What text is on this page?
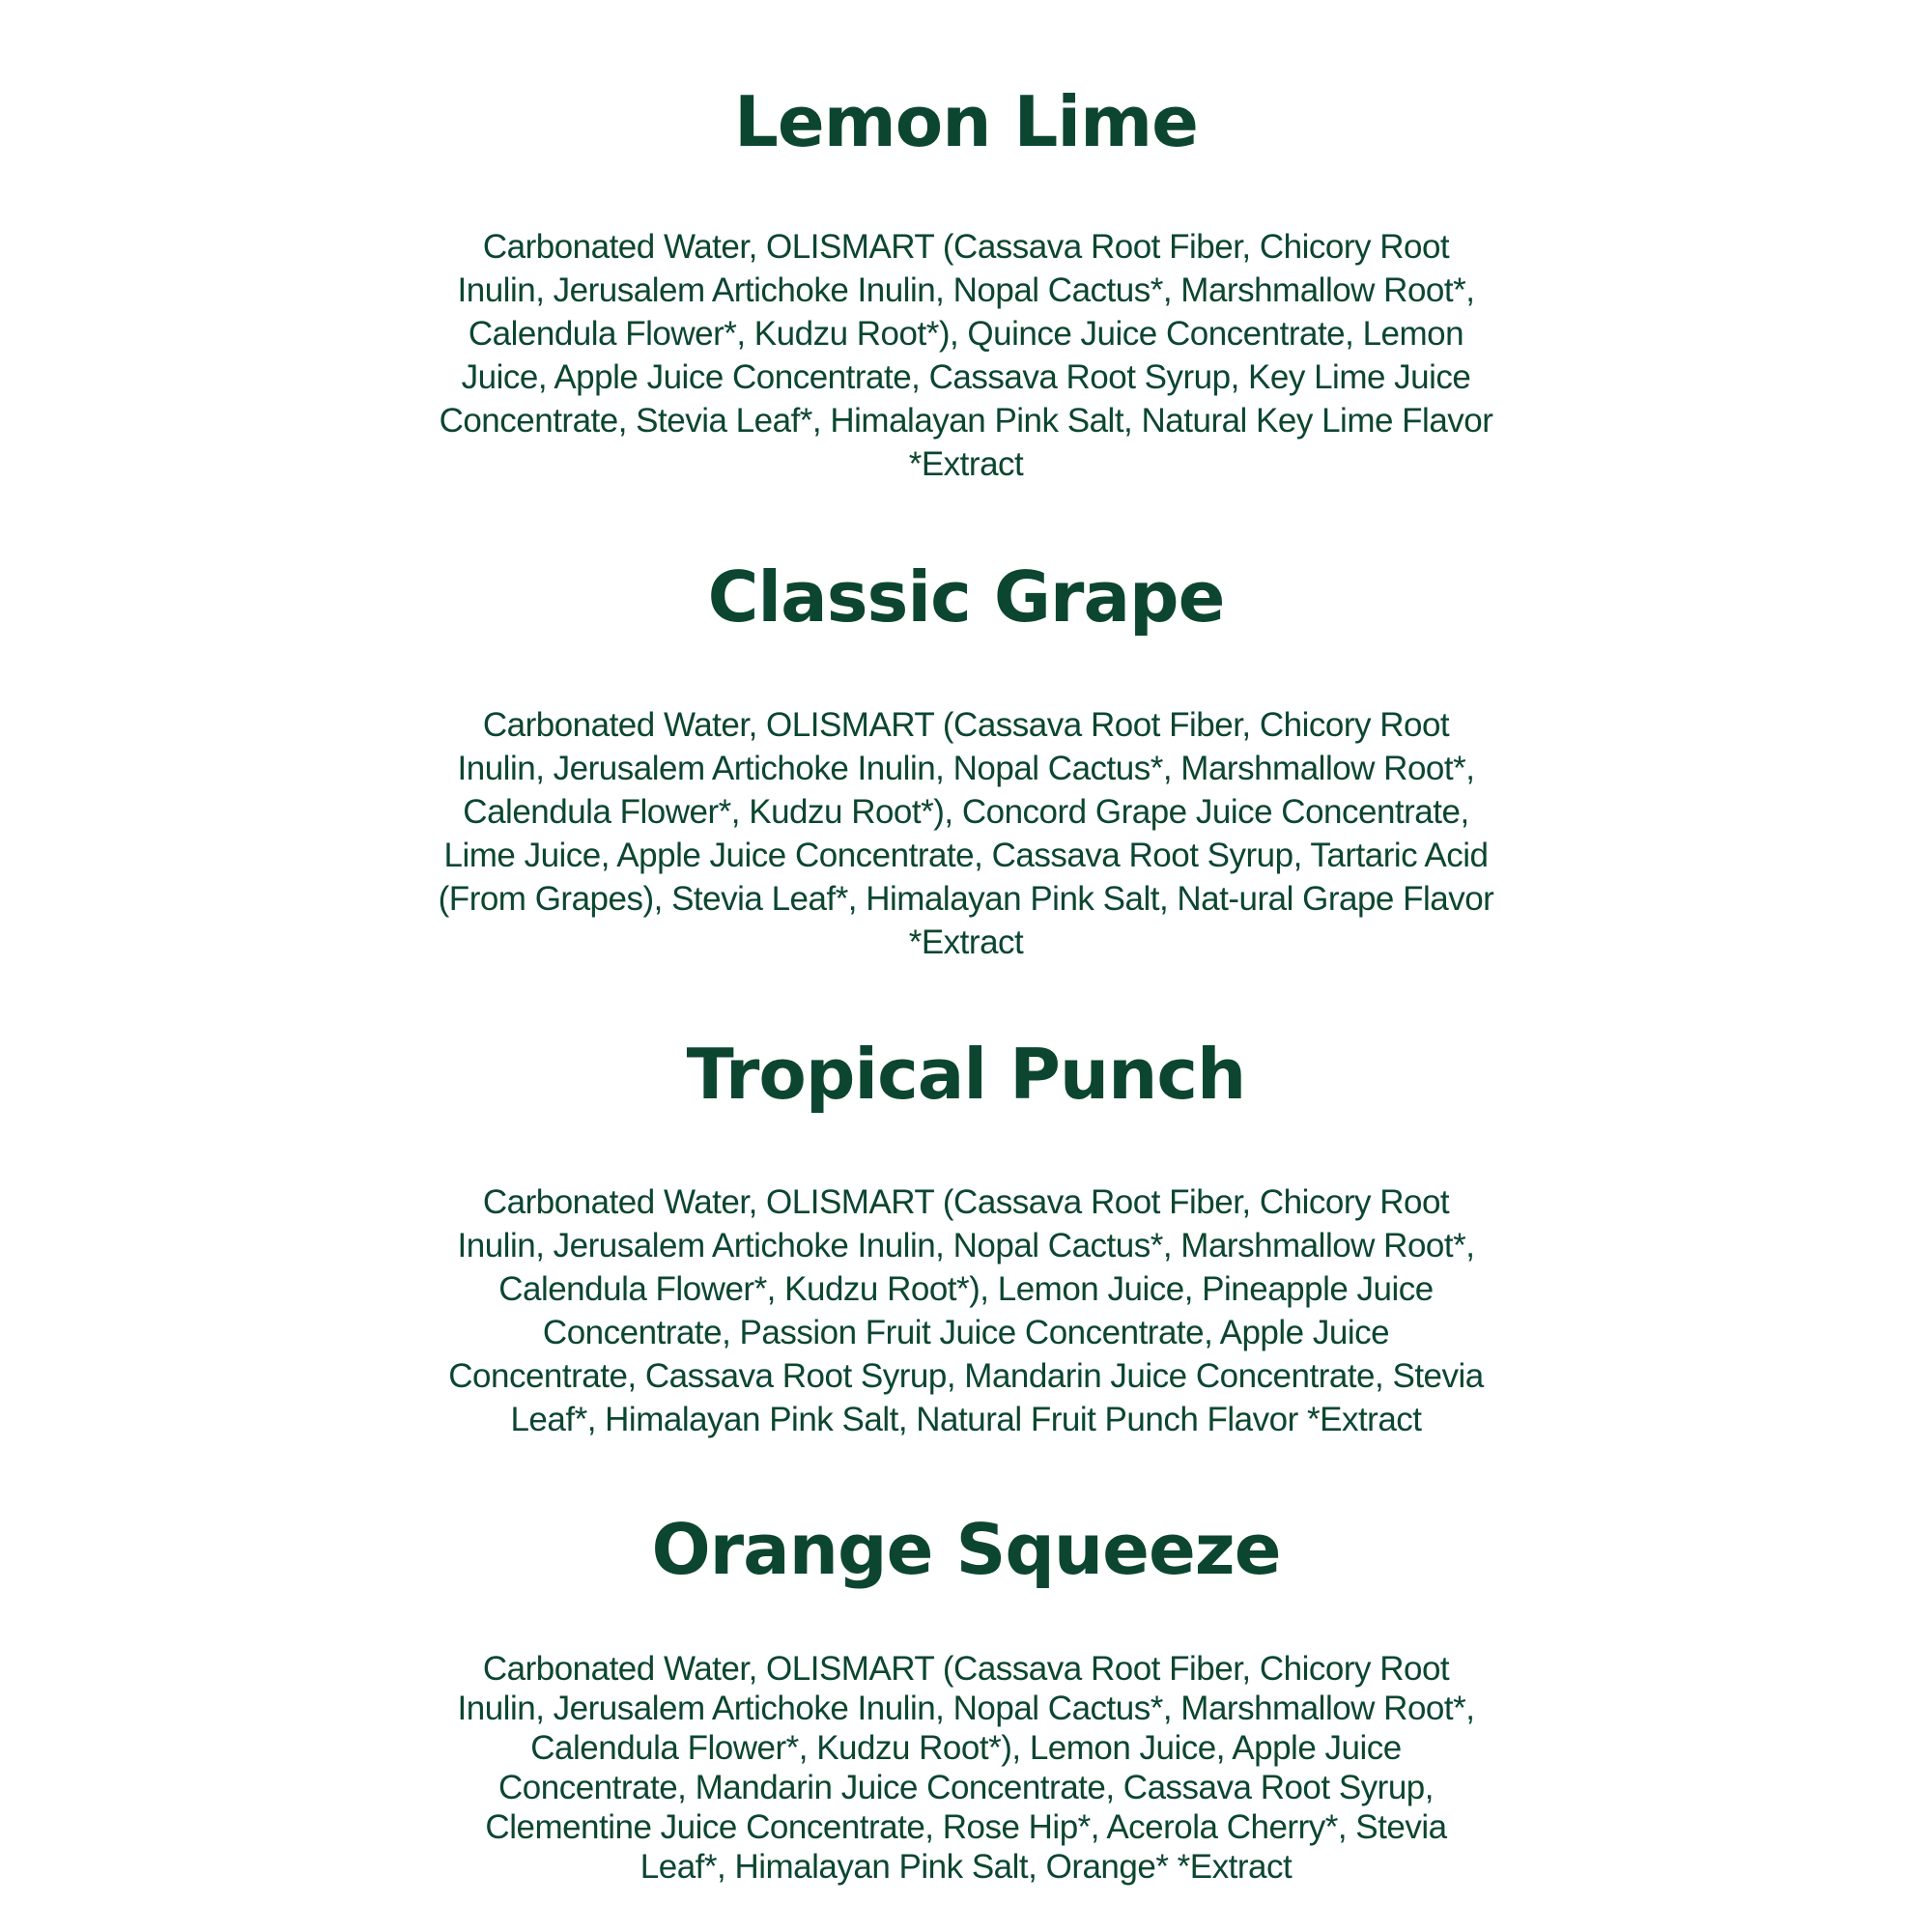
Lemon Lime

Carbonated Water, OLISMART (Cassava Root Fiber, Chicory Root
Inulin, Jerusalem Artichoke Inulin, Nopal Cactus*, Marshmallow Root*,
Calendula Flower*, Kudzu Root*), Quince Juice Concentrate, Lemon
Juice, Apple Juice Concentrate, Cassava Root Syrup, Key Lime Juice
Concentrate, Stevia Leaf*, Himalayan Pink Salt, Natural Key Lime Flavor
*Extract

Classic Grape

Carbonated Water, OLISMART (Cassava Root Fiber, Chicory Root
Inulin, Jerusalem Artichoke Inulin, Nopal Cactus*, Marshmallow Root*,
Calendula Flower*, Kudzu Root*), Concord Grape Juice Concentrate,
Lime Juice, Apple Juice Concentrate, Cassava Root Syrup, Tartaric Acid
(From Grapes), Stevia Leaf*, Himalayan Pink Salt, Nat-ural Grape Flavor
*Extract

Tropical Punch

Carbonated Water, OLISMART (Cassava Root Fiber, Chicory Root
Inulin, Jerusalem Artichoke Inulin, Nopal Cactus*, Marshmallow Root*,
Calendula Flower*, Kudzu Root*), Lemon Juice, Pineapple Juice
Concentrate, Passion Fruit Juice Concentrate, Apple Juice
Concentrate, Cassava Root Syrup, Mandarin Juice Concentrate, Stevia
Leaf*, Himalayan Pink Salt, Natural Fruit Punch Flavor *Extract

Orange Squeeze

Carbonated Water, OLISMART (Cassava Root Fiber, Chicory Root
Inulin, Jerusalem Artichoke Inulin, Nopal Cactus*, Marshmallow Root*,
Calendula Flower*, Kudzu Root*), Lemon Juice, Apple Juice
Concentrate, Mandarin Juice Concentrate, Cassava Root Syrup,
Clementine Juice Concentrate, Rose Hip*, Acerola Cherry*, Stevia
Leaf*, Himalayan Pink Salt, Orange* *Extract
